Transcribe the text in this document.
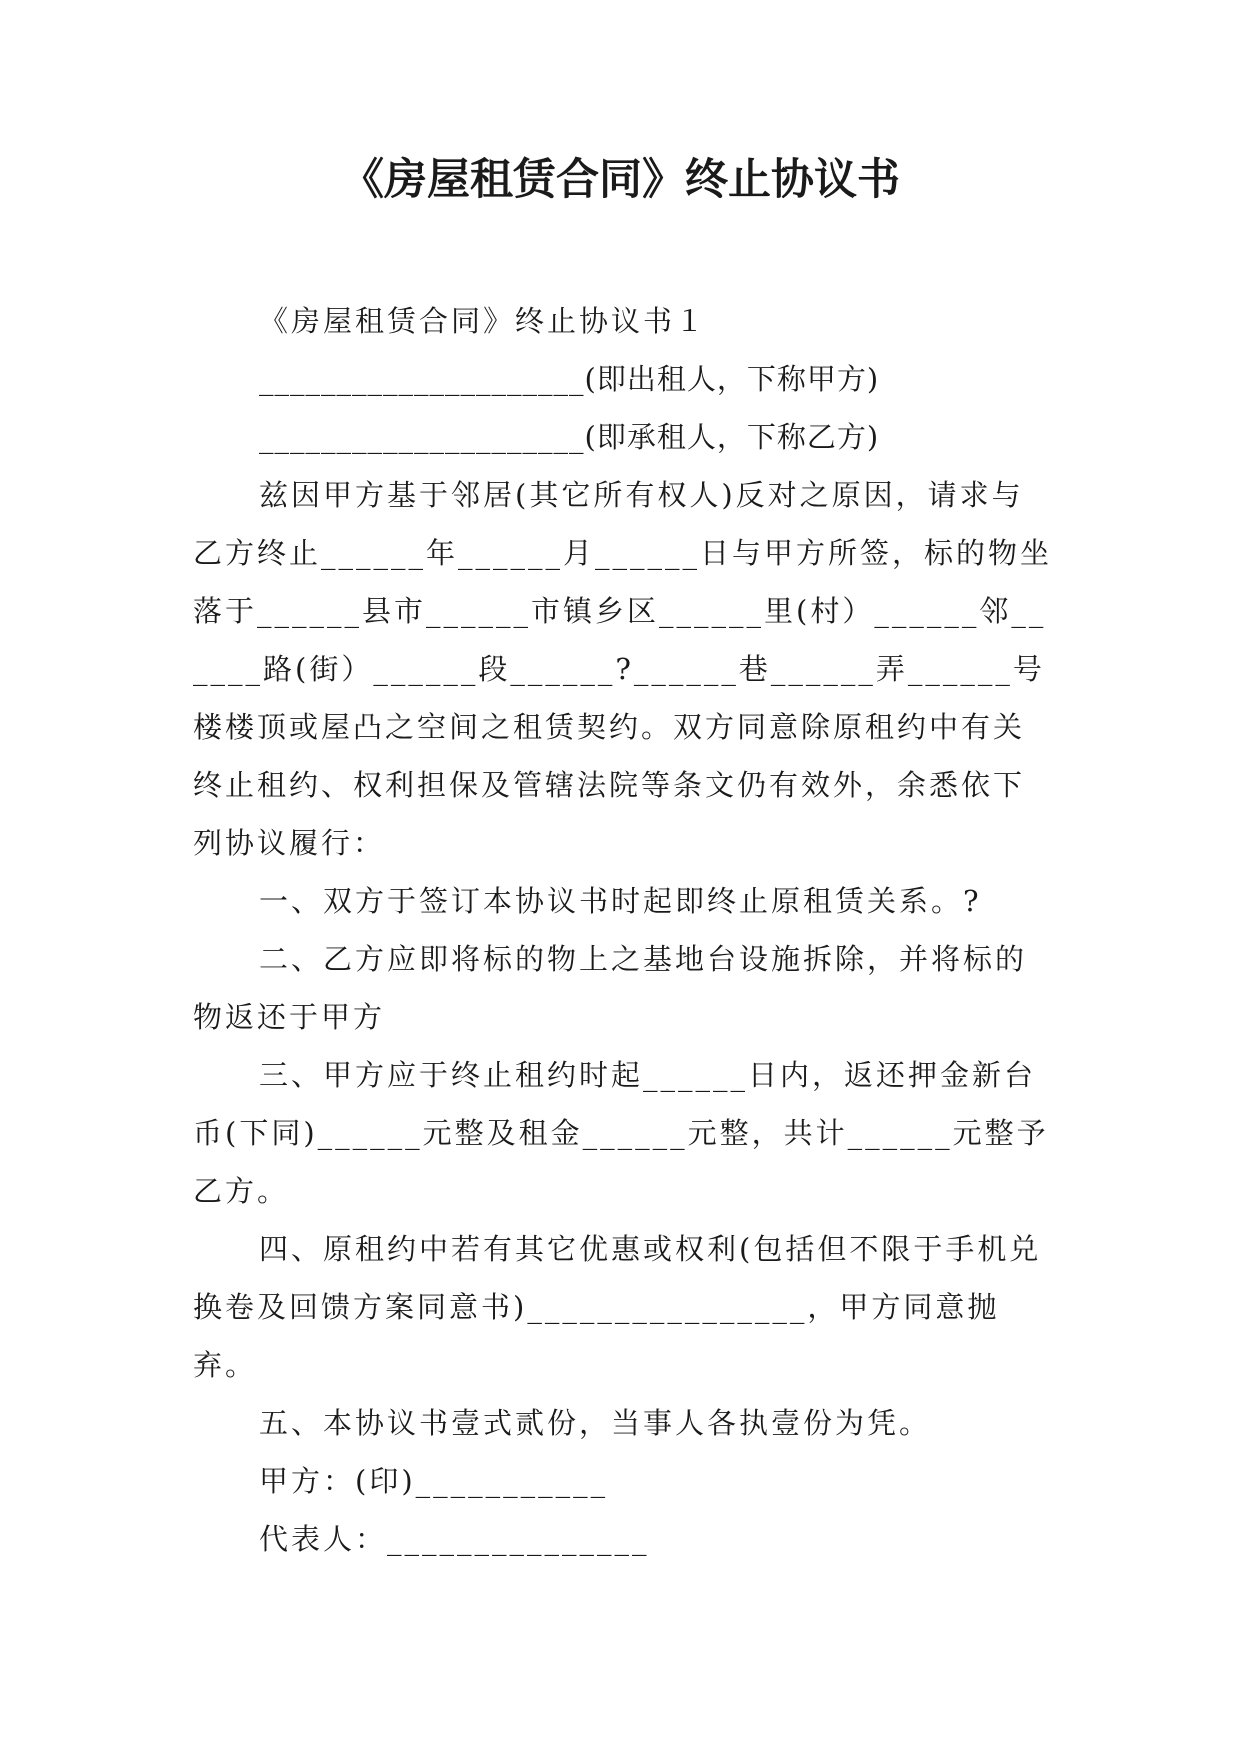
《房屋租赁合同》终止协议书

《房屋租赁合同》终止协议书１

_____________________(即出租人，下称甲方)

_____________________(即承租人，下称乙方)

兹因甲方基于邻居(其它所有权人)反对之原因，请求与乙方终止______年______月______日与甲方所签，标的物坐落于______县市______市镇乡区______里(村）______邻______路(街）______段______?______巷______弄______号楼楼顶或屋凸之空间之租赁契约。双方同意除原租约中有关终止租约、权利担保及管辖法院等条文仍有效外，余悉依下列协议履行：

一、双方于签订本协议书时起即终止原租赁关系。?

二、乙方应即将标的物上之基地台设施拆除，并将标的物返还于甲方

三、甲方应于终止租约时起______日内，返还押金新台币(下同)______元整及租金______元整，共计______元整予乙方。

四、原租约中若有其它优惠或权利(包括但不限于手机兑换卷及回馈方案同意书)________________，甲方同意抛弃。

五、本协议书壹式贰份，当事人各执壹份为凭。

甲方：(印)___________

代表人：_______________
